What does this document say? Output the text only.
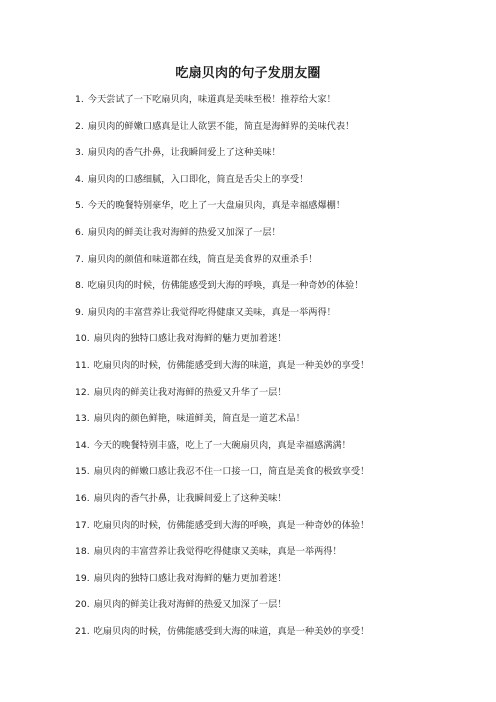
吃扇贝肉的句子发朋友圈
1. 今天尝试了一下吃扇贝肉，味道真是美味至极！推荐给大家！
2. 扇贝肉的鲜嫩口感真是让人欲罢不能，简直是海鲜界的美味代表！
3. 扇贝肉的香气扑鼻，让我瞬间爱上了这种美味！
4. 扇贝肉的口感细腻，入口即化，简直是舌尖上的享受！
5. 今天的晚餐特别豪华，吃上了一大盘扇贝肉，真是幸福感爆棚！
6. 扇贝肉的鲜美让我对海鲜的热爱又加深了一层！
7. 扇贝肉的颜值和味道都在线，简直是美食界的双重杀手！
8. 吃扇贝肉的时候，仿佛能感受到大海的呼唤，真是一种奇妙的体验！
9. 扇贝肉的丰富营养让我觉得吃得健康又美味，真是一举两得！
10. 扇贝肉的独特口感让我对海鲜的魅力更加着迷！
11. 吃扇贝肉的时候，仿佛能感受到大海的味道，真是一种美妙的享受！
12. 扇贝肉的鲜美让我对海鲜的热爱又升华了一层！
13. 扇贝肉的颜色鲜艳，味道鲜美，简直是一道艺术品！
14. 今天的晚餐特别丰盛，吃上了一大碗扇贝肉，真是幸福感满满！
15. 扇贝肉的鲜嫩口感让我忍不住一口接一口，简直是美食的极致享受！
16. 扇贝肉的香气扑鼻，让我瞬间爱上了这种美味！
17. 吃扇贝肉的时候，仿佛能感受到大海的呼唤，真是一种奇妙的体验！
18. 扇贝肉的丰富营养让我觉得吃得健康又美味，真是一举两得！
19. 扇贝肉的独特口感让我对海鲜的魅力更加着迷！
20. 扇贝肉的鲜美让我对海鲜的热爱又加深了一层！
21. 吃扇贝肉的时候，仿佛能感受到大海的味道，真是一种美妙的享受！
